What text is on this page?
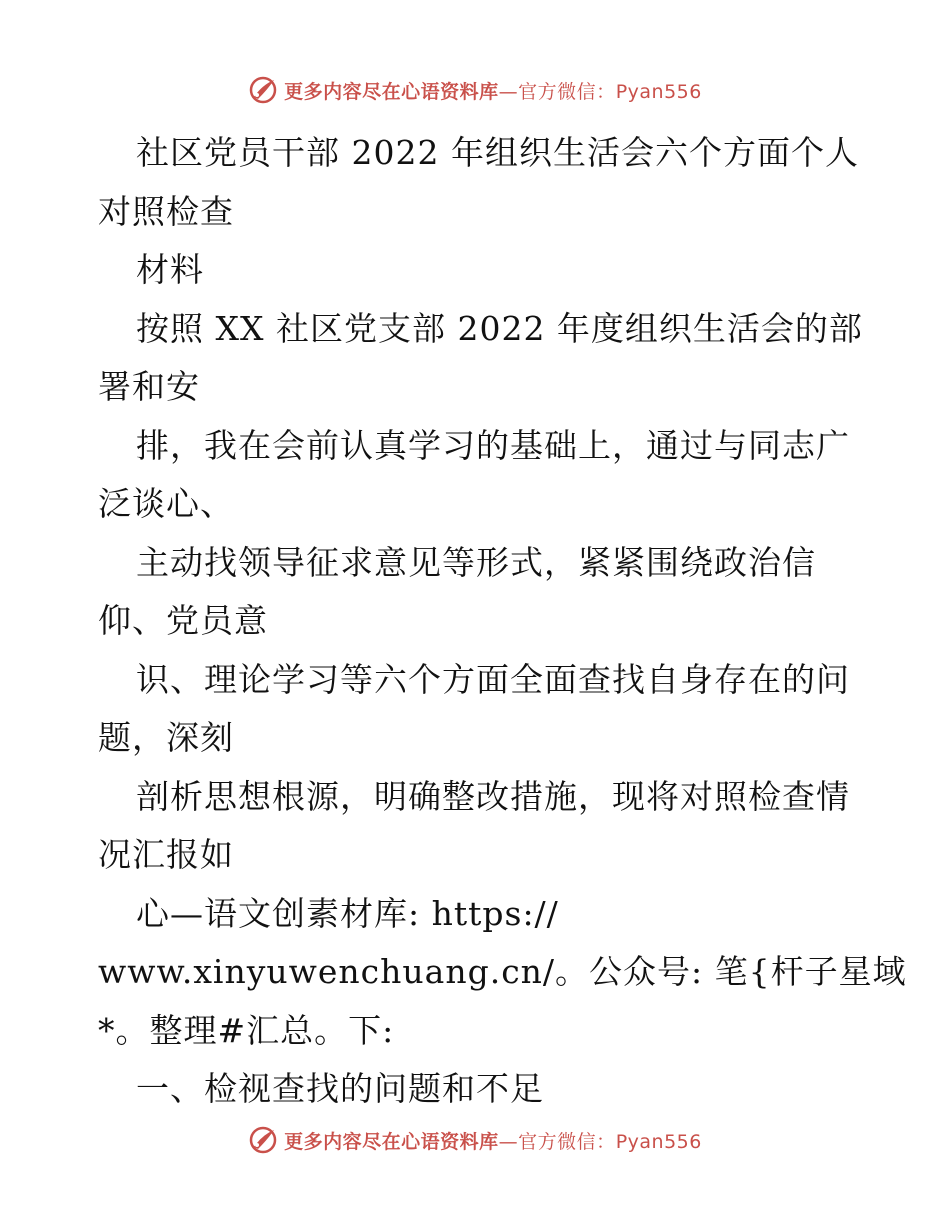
更多内容尽在心语资料库—官方微信：Pyan556
社区党员干部 2022 年组织生活会六个方面个人
对照检查
材料
按照 XX 社区党支部 2022 年度组织生活会的部
署和安
排，我在会前认真学习的基础上，通过与同志广
泛谈心、
主动找领导征求意见等形式，紧紧围绕政治信
仰、党员意
识、理论学习等六个方面全面查找自身存在的问
题，深刻
剖析思想根源，明确整改措施，现将对照检查情
况汇报如
心—语文创素材库: https://
www.xinyuwenchuang.cn/。公众号: 笔{杆子星域
*。整理#汇总。下:
一、检视查找的问题和不足
更多内容尽在心语资料库—官方微信：Pyan556
